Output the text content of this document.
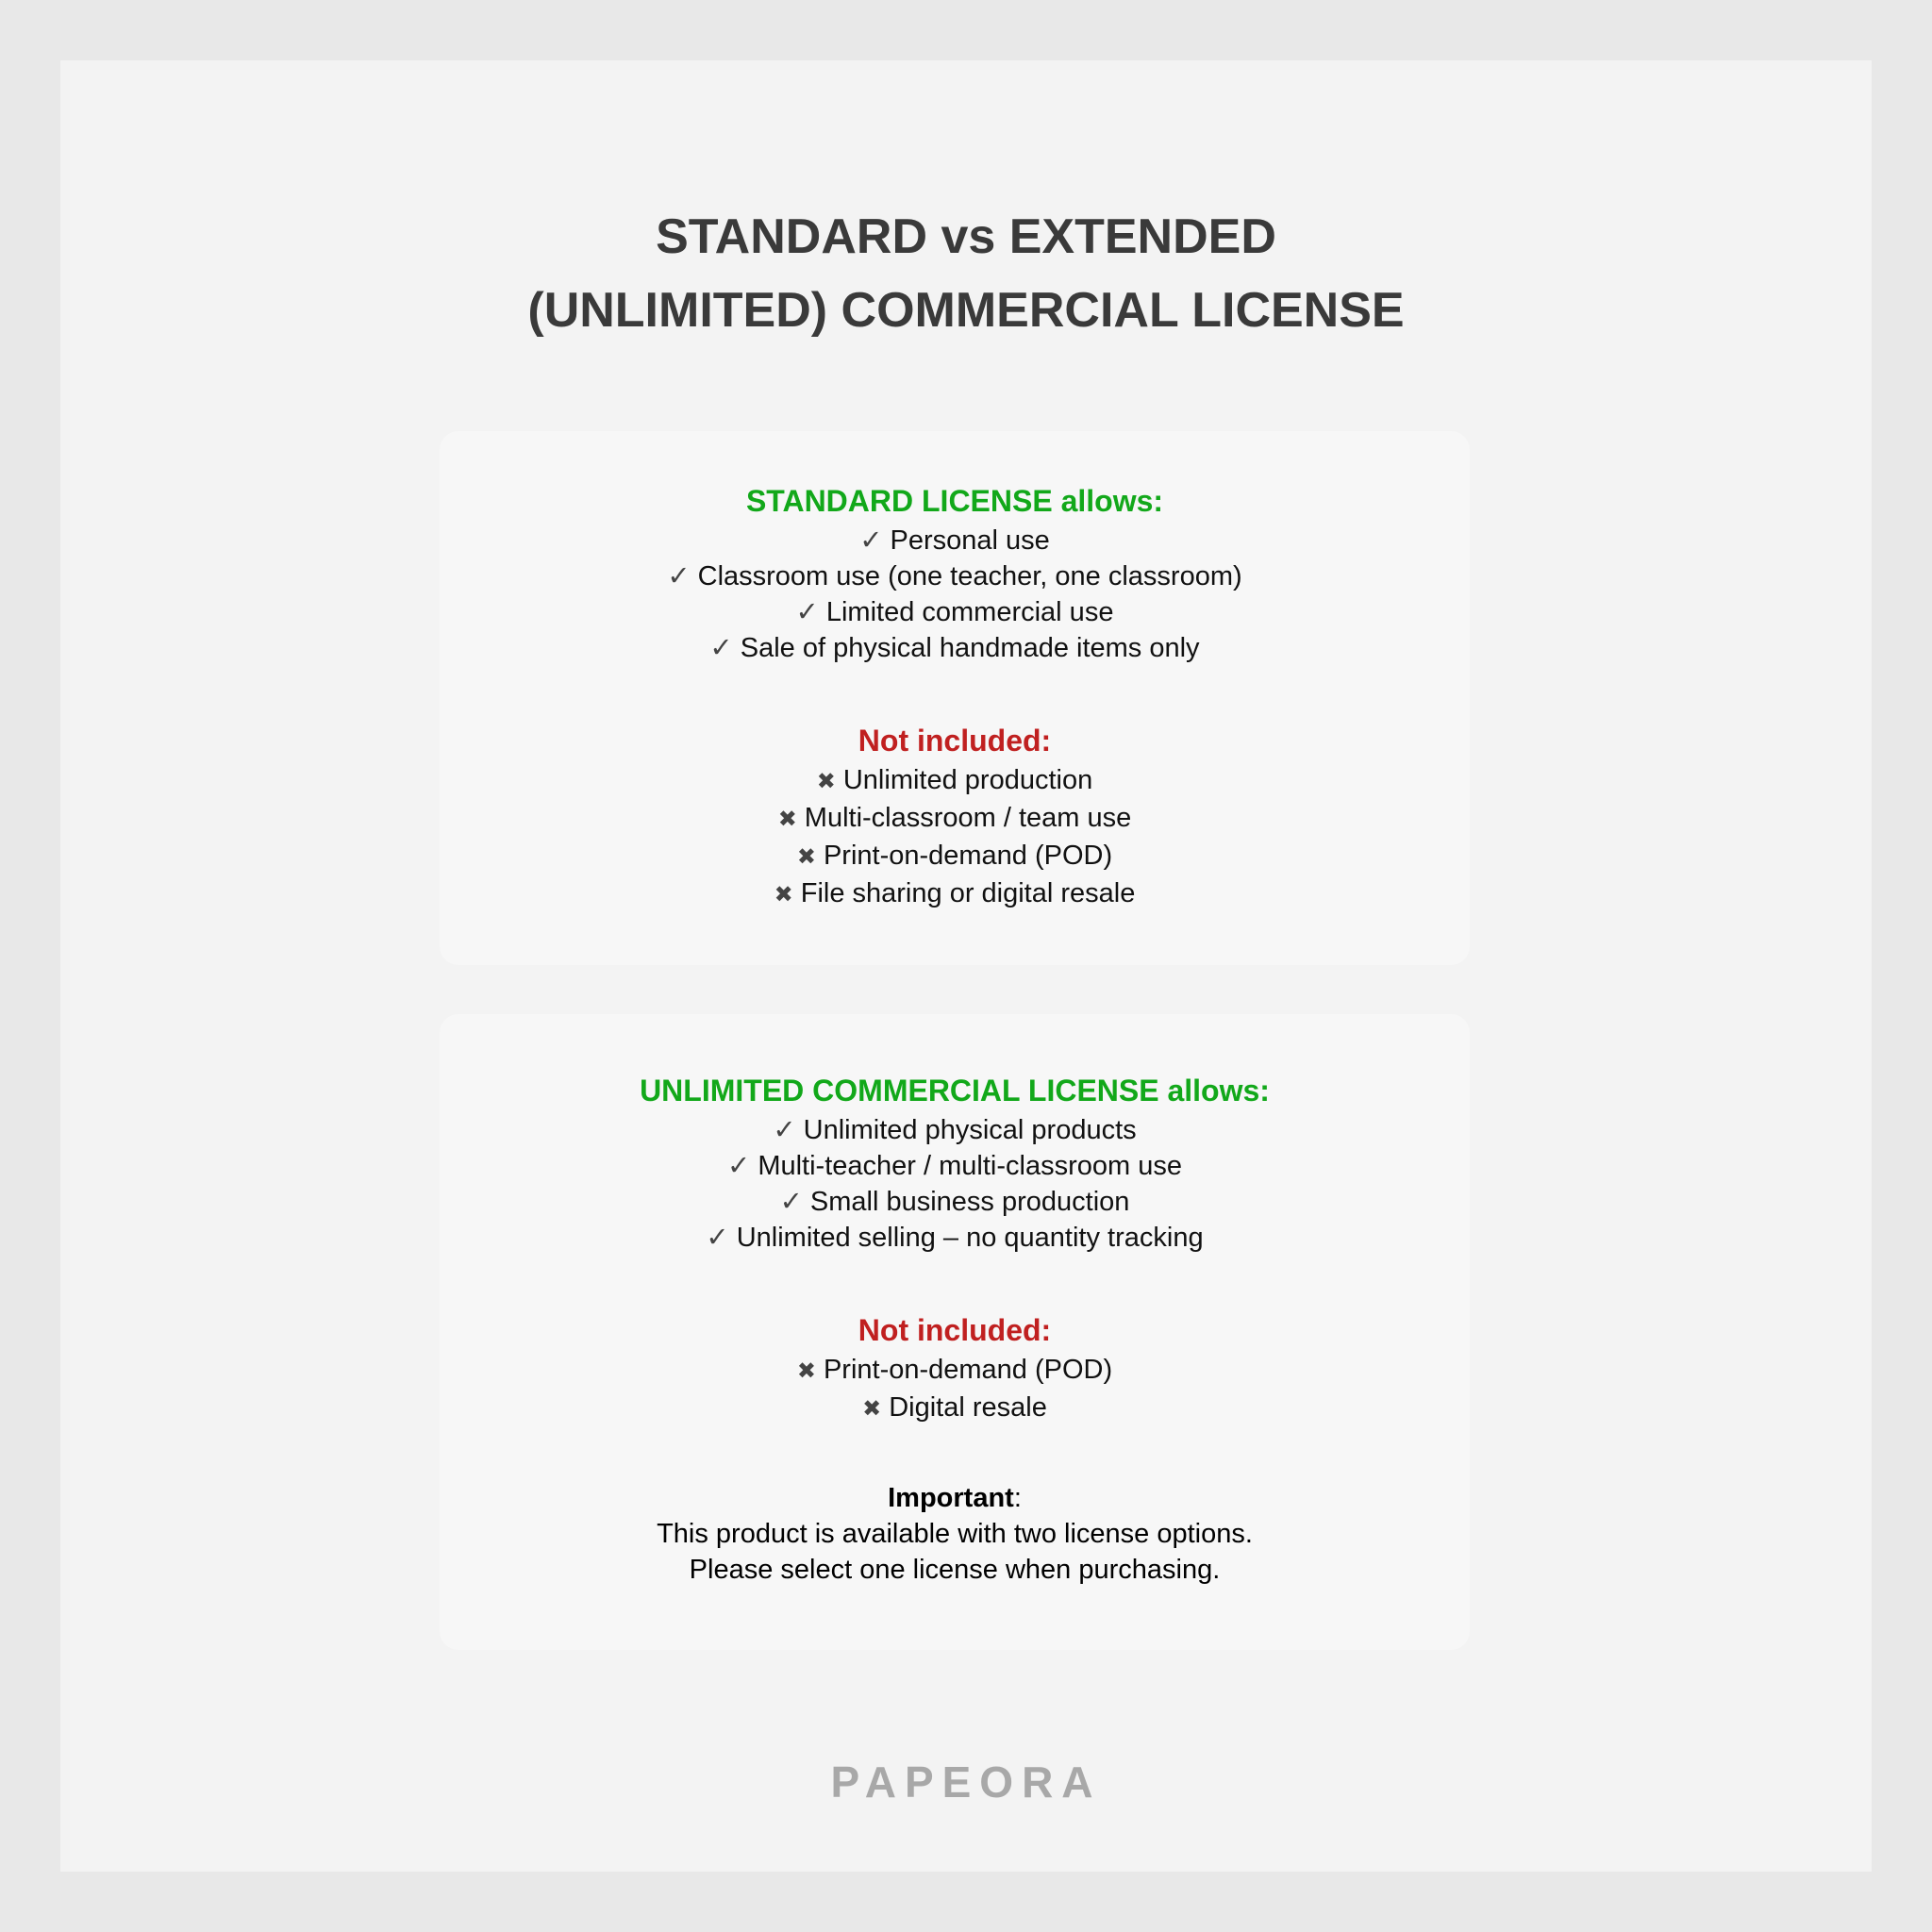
STANDARD vs EXTENDED
(UNLIMITED) COMMERCIAL LICENSE
STANDARD LICENSE allows:
✓ Personal use
✓ Classroom use (one teacher, one classroom)
✓ Limited commercial use
✓ Sale of physical handmade items only
Not included:
✖ Unlimited production
✖ Multi-classroom / team use
✖ Print-on-demand (POD)
✖ File sharing or digital resale
UNLIMITED COMMERCIAL LICENSE allows:
✓ Unlimited physical products
✓ Multi-teacher / multi-classroom use
✓ Small business production
✓ Unlimited selling – no quantity tracking
Not included:
✖ Print-on-demand (POD)
✖ Digital resale
Important:
This product is available with two license options.
Please select one license when purchasing.
PAPEORA
